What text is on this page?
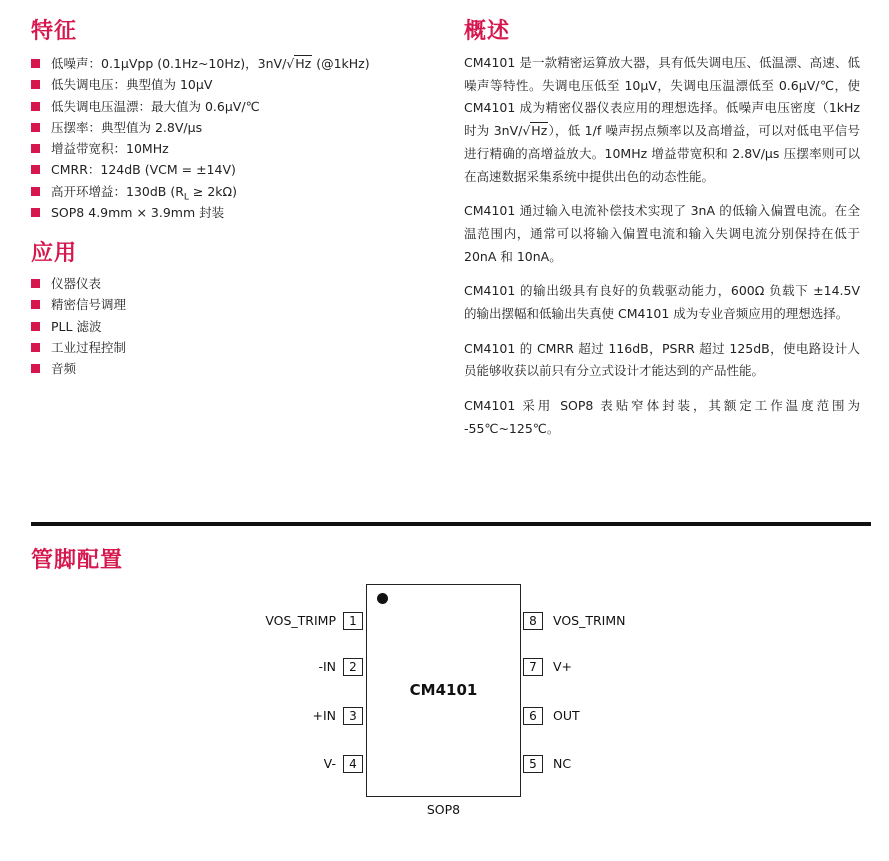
特征
低噪声：0.1μVpp (0.1Hz~10Hz)，3nV/√Hz (@1kHz)
低失调电压：典型值为 10μV
低失调电压温漂：最大值为 0.6μV/℃
压摆率：典型值为 2.8V/μs
增益带宽积：10MHz
CMRR：124dB (VCM = ±14V)
高开环增益：130dB $(R_L \ge 2k\Omega)$
SOP8 4.9mm × 3.9mm 封装
应用
仪器仪表
精密信号调理
PLL 滤波
工业过程控制
音频
概述

CM4101 是一款精密运算放大器，具有低失调电压、低温漂、高速、低噪声等特性。失调电压低至 10μV，失调电压温漂低至 0.6μV/℃，使 CM4101 成为精密仪器仪表应用的理想选择。低噪声电压密度（1kHz 时为 3nV/√Hz），低 1/f 噪声拐点频率以及高增益，可以对低电平信号进行精确的高增益放大。10MHz 增益带宽积和 2.8V/μs 压摆率则可以在高速数据采集系统中提供出色的动态性能。

CM4101 通过输入电流补偿技术实现了 3nA 的低输入偏置电流。在全温范围内，通常可以将输入偏置电流和输入失调电流分别保持在低于 20nA 和 10nA。

CM4101 的输出级具有良好的负载驱动能力，600Ω 负载下 ±14.5V 的输出摆幅和低输出失真使 CM4101 成为专业音频应用的理想选择。

CM4101 的 CMRR 超过 116dB，PSRR 超过 125dB，使电路设计人员能够收获以前只有分立式设计才能达到的产品性能。

CM4101 采用 SOP8 表贴窄体封装，其额定工作温度范围为 -55℃~125℃。

管脚配置
CM4101
VOS_TRIMP	1
-IN	2
+IN	3
V-	4
8	VOS_TRIMN
7	V+
6	OUT
5	NC
SOP8
